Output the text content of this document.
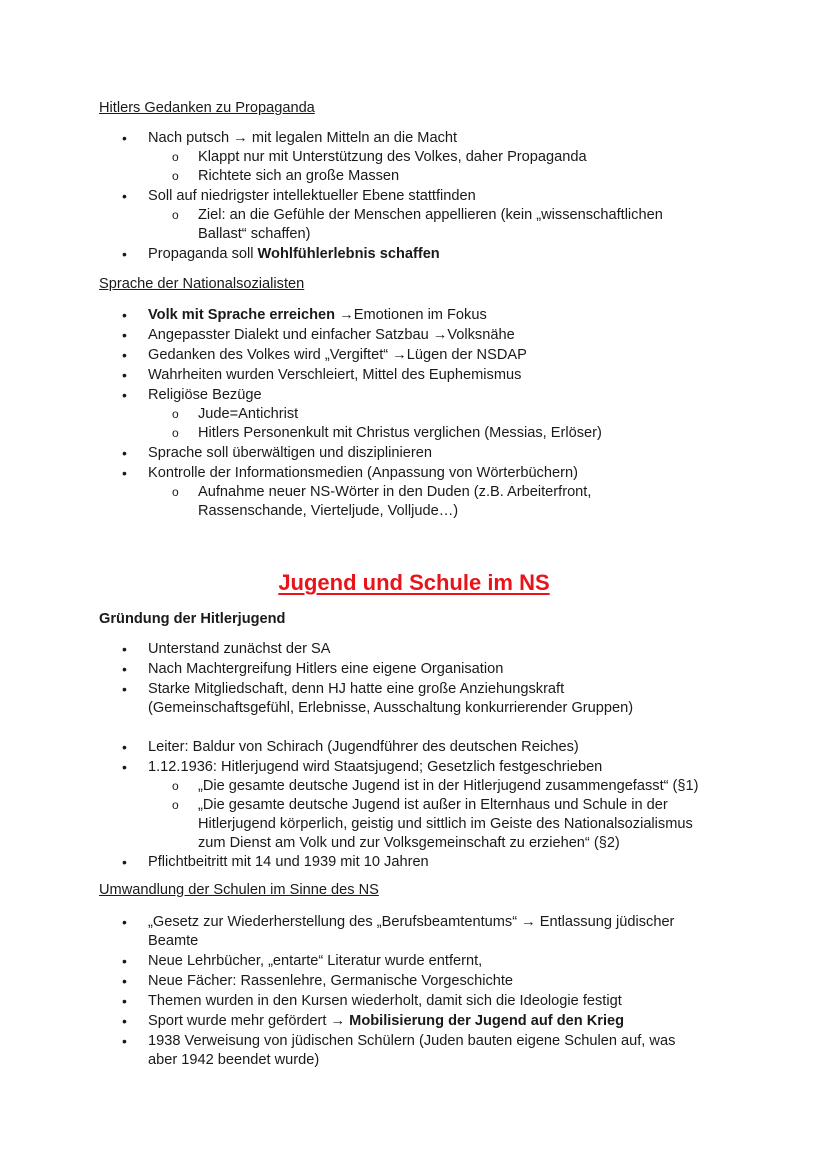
Hitlers Gedanken zu Propaganda
• Nach putsch → mit legalen Mitteln an die Macht
o Klappt nur mit Unterstützung des Volkes, daher Propaganda
o Richtete sich an große Massen
• Soll auf niedrigster intellektueller Ebene stattfinden
o Ziel: an die Gefühle der Menschen appellieren (kein „wissenschaftlichen
Ballast“ schaffen)
• Propaganda soll Wohlfühlerlebnis schaffen
Sprache der Nationalsozialisten
• Volk mit Sprache erreichen →Emotionen im Fokus
• Angepasster Dialekt und einfacher Satzbau →Volksnähe
• Gedanken des Volkes wird „Vergiftet“ →Lügen der NSDAP
• Wahrheiten wurden Verschleiert, Mittel des Euphemismus
• Religiöse Bezüge
o Jude=Antichrist
o Hitlers Personenkult mit Christus verglichen (Messias, Erlöser)
• Sprache soll überwältigen und disziplinieren
• Kontrolle der Informationsmedien (Anpassung von Wörterbüchern)
o Aufnahme neuer NS-Wörter in den Duden (z.B. Arbeiterfront,
Rassenschande, Vierteljude, Volljude…)
Jugend und Schule im NS
Gründung der Hitlerjugend
• Unterstand zunächst der SA
• Nach Machtergreifung Hitlers eine eigene Organisation
• Starke Mitgliedschaft, denn HJ hatte eine große Anziehungskraft
(Gemeinschaftsgefühl, Erlebnisse, Ausschaltung konkurrierender Gruppen)
• Leiter: Baldur von Schirach (Jugendführer des deutschen Reiches)
• 1.12.1936: Hitlerjugend wird Staatsjugend; Gesetzlich festgeschrieben
o „Die gesamte deutsche Jugend ist in der Hitlerjugend zusammengefasst“ (§1)
o „Die gesamte deutsche Jugend ist außer in Elternhaus und Schule in der
Hitlerjugend körperlich, geistig und sittlich im Geiste des Nationalsozialismus
zum Dienst am Volk und zur Volksgemeinschaft zu erziehen“ (§2)
• Pflichtbeitritt mit 14 und 1939 mit 10 Jahren
Umwandlung der Schulen im Sinne des NS
• „Gesetz zur Wiederherstellung des „Berufsbeamtentums“ → Entlassung jüdischer
Beamte
• Neue Lehrbücher, „entarte“ Literatur wurde entfernt,
• Neue Fächer: Rassenlehre, Germanische Vorgeschichte
• Themen wurden in den Kursen wiederholt, damit sich die Ideologie festigt
• Sport wurde mehr gefördert → Mobilisierung der Jugend auf den Krieg
• 1938 Verweisung von jüdischen Schülern (Juden bauten eigene Schulen auf, was
aber 1942 beendet wurde)
